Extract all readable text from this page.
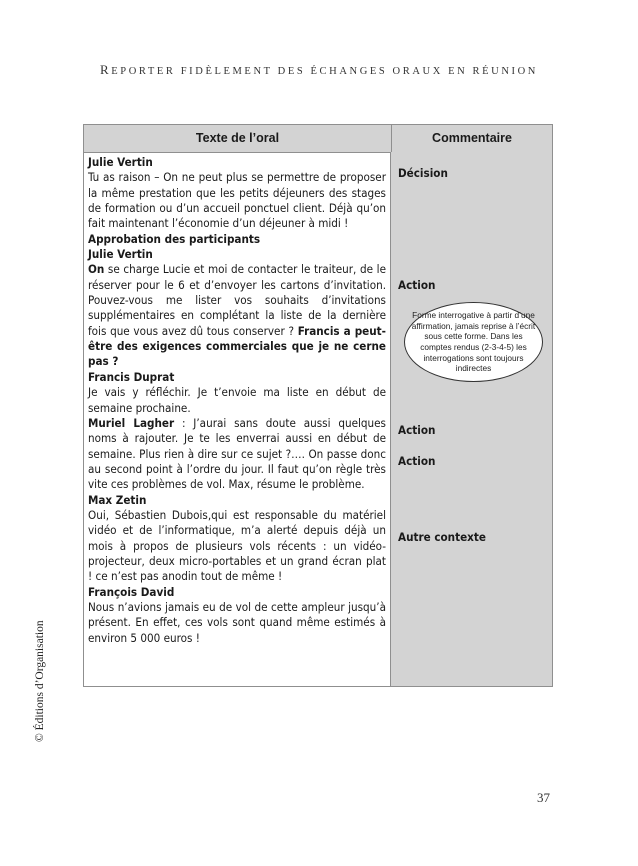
REPORTER FIDÈLEMENT DES ÉCHANGES ORAUX EN RÉUNION
© Éditions d’Organisation
Texte de l’oral	Commentaire
Julie Vertin
Tu as raison – On ne peut plus se permettre de proposer la même prestation que les petits déjeuners des stages de formation ou d’un accueil ponctuel client. Déjà qu’on fait maintenant l’économie d’un déjeuner à midi !
Approbation des participants
Julie Vertin
On se charge Lucie et moi de contacter le traiteur, de le réserver pour le 6 et d’envoyer les cartons d’invitation. Pouvez-vous me lister vos souhaits d’invitations supplémentaires en complétant la liste de la dernière fois que vous avez dû tous conserver ? Francis a peut-être des exigences commerciales que je ne cerne pas ?
Francis Duprat
Je vais y réfléchir. Je t’envoie ma liste en début de semaine prochaine.
Muriel Lagher : J’aurai sans doute aussi quelques noms à rajouter. Je te les enverrai aussi en début de semaine. Plus rien à dire sur ce sujet ?…. On passe donc au second point à l’ordre du jour. Il faut qu’on règle très vite ces problèmes de vol. Max, résume le problème.
Max Zetin
Oui, Sébastien Dubois,qui est responsable du matériel vidéo et de l’informatique, m’a alerté depuis déjà un mois à propos de plusieurs vols récents : un vidéo-projecteur, deux micro-portables et un grand écran plat ! ce n’est pas anodin tout de même !
François David
Nous n’avions jamais eu de vol de cette ampleur jusqu’à présent. En effet, ces vols sont quand même estimés à environ 5 000 euros !
Décision
Action
Forme interrogative à partir d’une affirmation, jamais reprise à l’écrit sous cette forme. Dans les comptes rendus (2-3-4-5) les interrogations sont toujours indirectes
Action
Action
Autre contexte
37
